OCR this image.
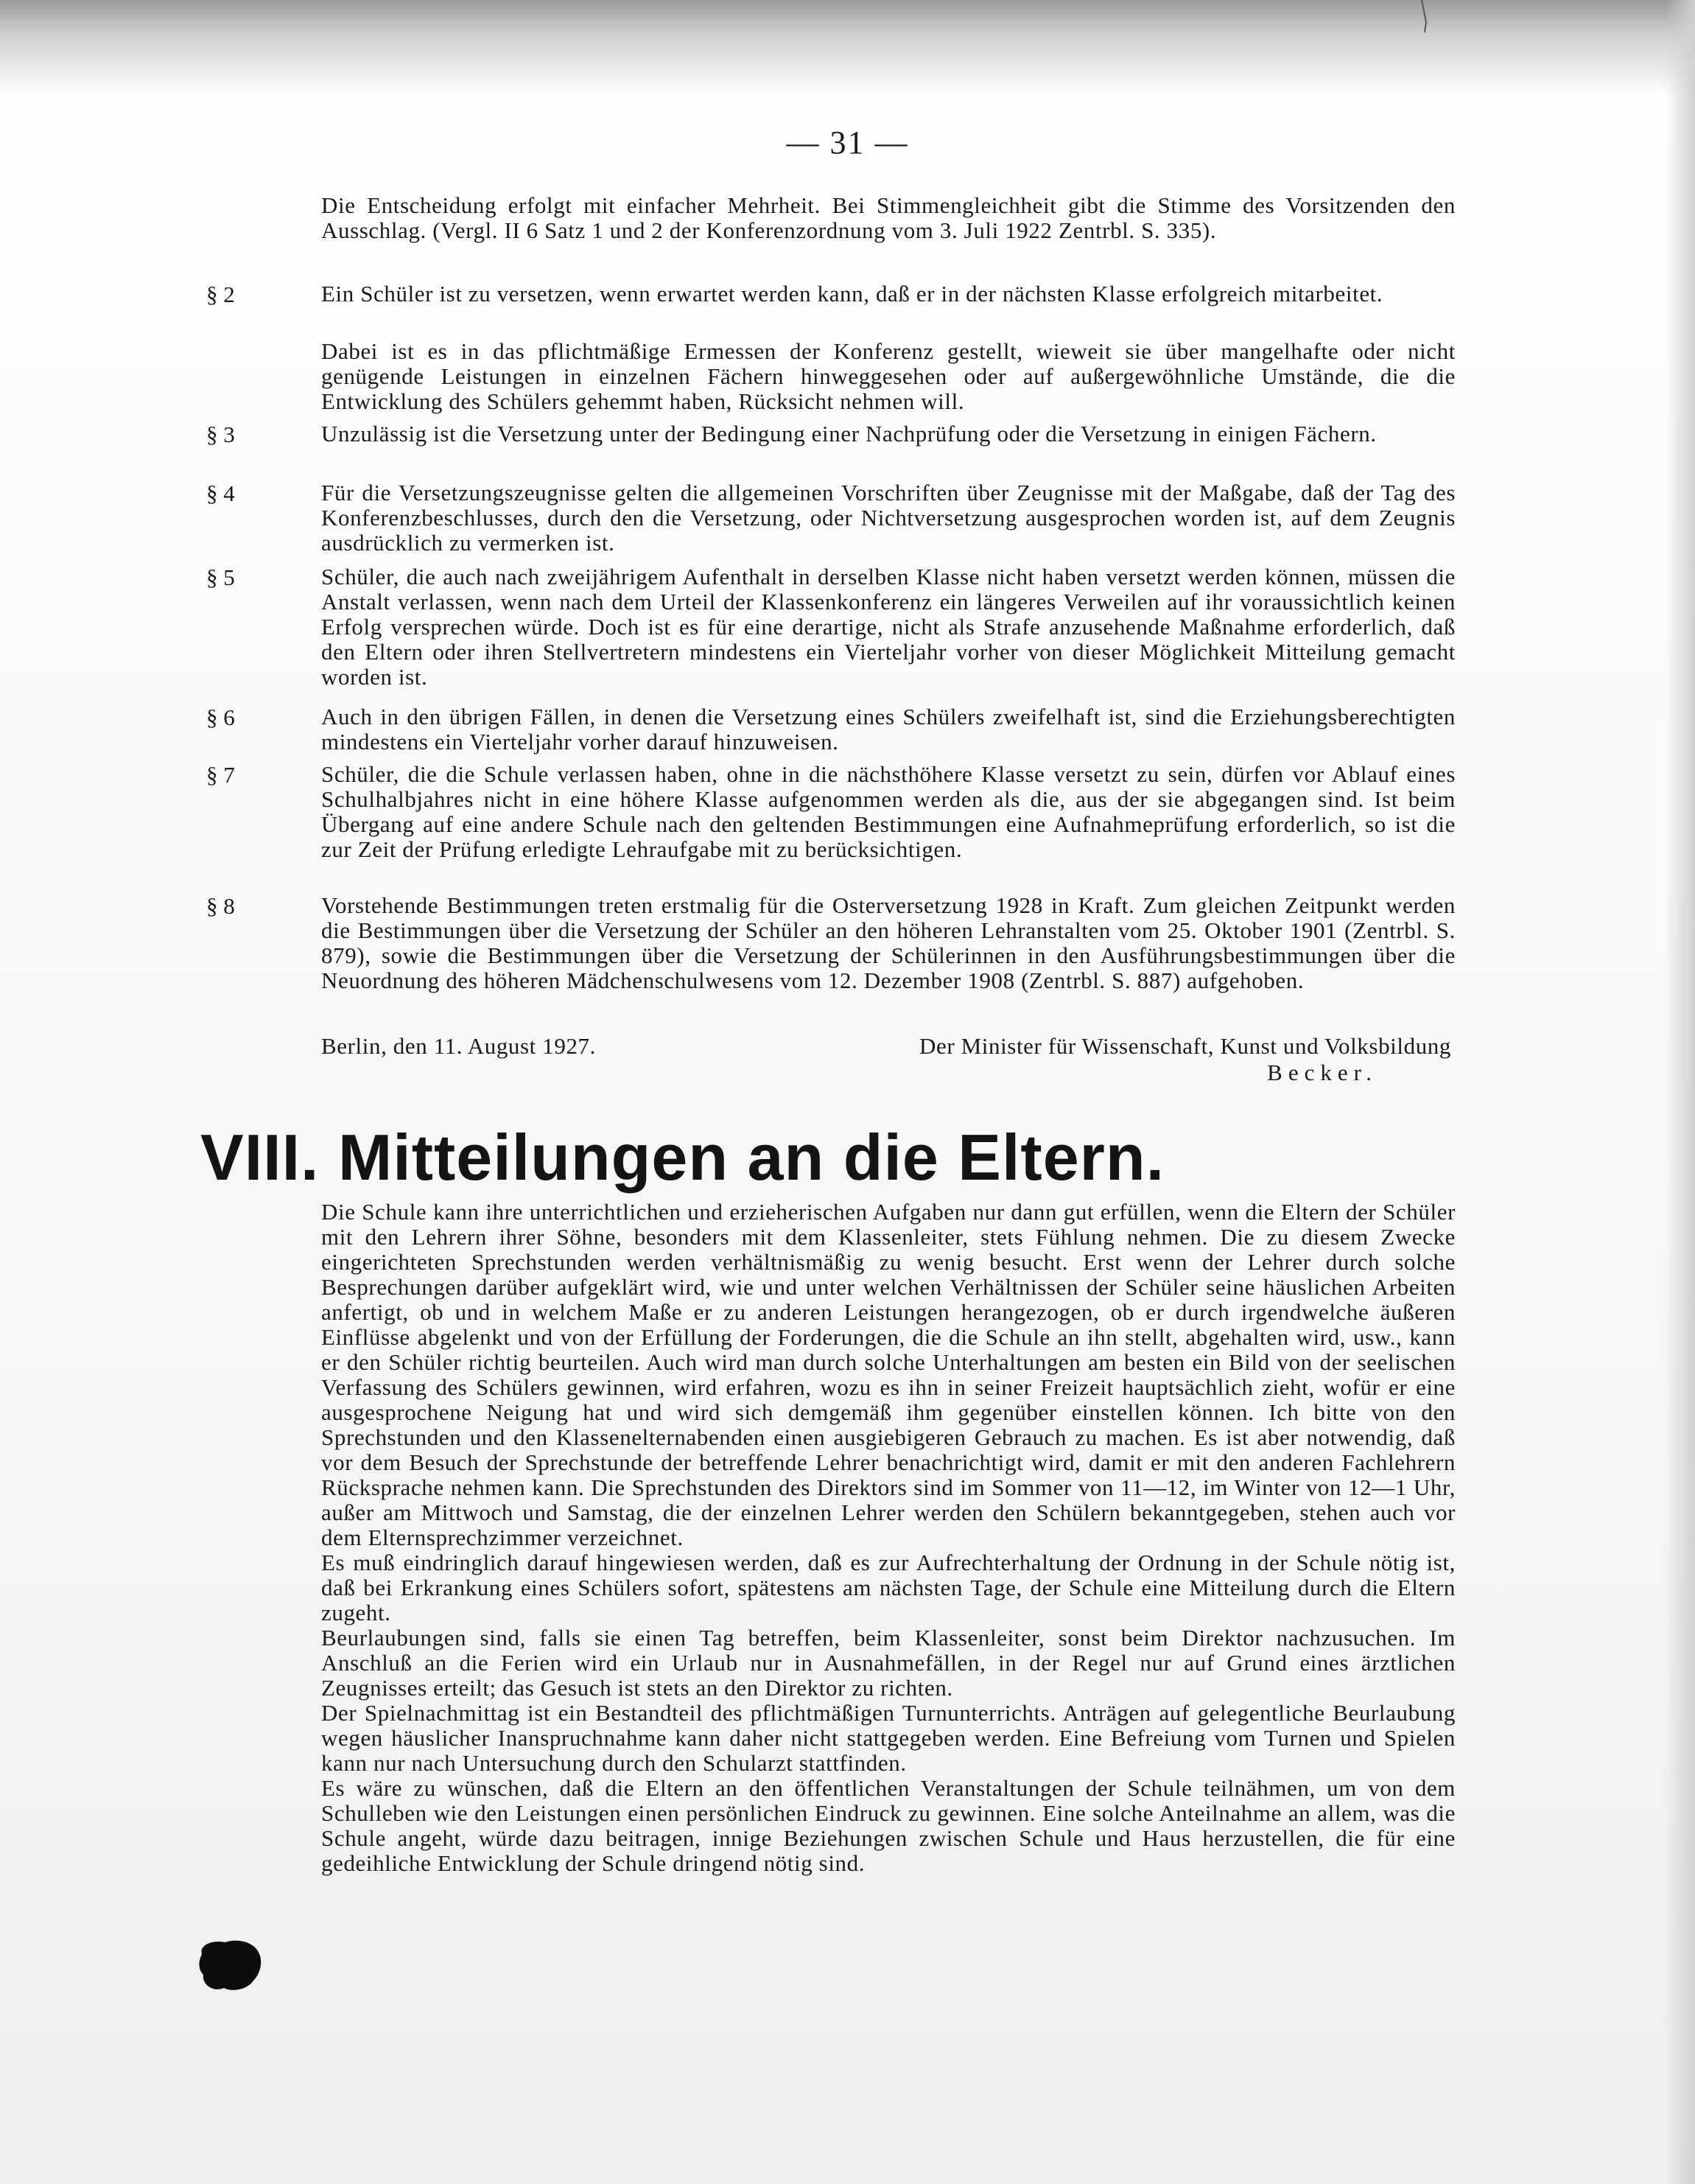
— 31 —
Die Entscheidung erfolgt mit einfacher Mehrheit. Bei Stimmengleichheit gibt die Stimme des Vorsitzenden den Ausschlag. (Vergl. II 6 Satz 1 und 2 der Konferenzordnung vom 3. Juli 1922 Zentrbl. S. 335).
§ 2	Ein Schüler ist zu versetzen, wenn erwartet werden kann, daß er in der nächsten Klasse erfolgreich mitarbeitet.
Dabei ist es in das pflichtmäßige Ermessen der Konferenz gestellt, wieweit sie über mangelhafte oder nicht genügende Leistungen in einzelnen Fächern hinweggesehen oder auf außergewöhnliche Umstände, die die Entwicklung des Schülers gehemmt haben, Rücksicht nehmen will.
§ 3	Unzulässig ist die Versetzung unter der Bedingung einer Nachprüfung oder die Versetzung in einigen Fächern.
§ 4	Für die Versetzungszeugnisse gelten die allgemeinen Vorschriften über Zeugnisse mit der Maßgabe, daß der Tag des Konferenzbeschlusses, durch den die Versetzung, oder Nichtversetzung ausgesprochen worden ist, auf dem Zeugnis ausdrücklich zu vermerken ist.
§ 5	Schüler, die auch nach zweijährigem Aufenthalt in derselben Klasse nicht haben versetzt werden können, müssen die Anstalt verlassen, wenn nach dem Urteil der Klassenkonferenz ein längeres Verweilen auf ihr voraussichtlich keinen Erfolg versprechen würde. Doch ist es für eine derartige, nicht als Strafe anzusehende Maßnahme erforderlich, daß den Eltern oder ihren Stellvertretern mindestens ein Vierteljahr vorher von dieser Möglichkeit Mitteilung gemacht worden ist.
§ 6	Auch in den übrigen Fällen, in denen die Versetzung eines Schülers zweifelhaft ist, sind die Erziehungsberechtigten mindestens ein Vierteljahr vorher darauf hinzuweisen.
§ 7	Schüler, die die Schule verlassen haben, ohne in die nächsthöhere Klasse versetzt zu sein, dürfen vor Ablauf eines Schulhalbjahres nicht in eine höhere Klasse aufgenommen werden als die, aus der sie abgegangen sind. Ist beim Übergang auf eine andere Schule nach den geltenden Bestimmungen eine Aufnahmeprüfung erforderlich, so ist die zur Zeit der Prüfung erledigte Lehraufgabe mit zu berücksichtigen.
§ 8	Vorstehende Bestimmungen treten erstmalig für die Osterversetzung 1928 in Kraft. Zum gleichen Zeitpunkt werden die Bestimmungen über die Versetzung der Schüler an den höheren Lehranstalten vom 25. Oktober 1901 (Zentrbl. S. 879), sowie die Bestimmungen über die Versetzung der Schülerinnen in den Ausführungsbestimmungen über die Neuordnung des höheren Mädchenschulwesens vom 12. Dezember 1908 (Zentrbl. S. 887) aufgehoben.
Berlin, den 11. August 1927.	Der Minister für Wissenschaft, Kunst und Volksbildung
Becker.
VIII. Mitteilungen an die Eltern.

Die Schule kann ihre unterrichtlichen und erzieherischen Aufgaben nur dann gut erfüllen, wenn die Eltern der Schüler mit den Lehrern ihrer Söhne, besonders mit dem Klassenleiter, stets Fühlung nehmen. Die zu diesem Zwecke eingerichteten Sprechstunden werden verhältnismäßig zu wenig besucht. Erst wenn der Lehrer durch solche Besprechungen darüber aufgeklärt wird, wie und unter welchen Verhältnissen der Schüler seine häuslichen Arbeiten anfertigt, ob und in welchem Maße er zu anderen Leistungen herangezogen, ob er durch irgendwelche äußeren Einflüsse abgelenkt und von der Erfüllung der Forderungen, die die Schule an ihn stellt, abgehalten wird, usw., kann er den Schüler richtig beurteilen. Auch wird man durch solche Unterhaltungen am besten ein Bild von der seelischen Verfassung des Schülers gewinnen, wird erfahren, wozu es ihn in seiner Freizeit hauptsächlich zieht, wofür er eine ausgesprochene Neigung hat und wird sich demgemäß ihm gegenüber einstellen können. Ich bitte von den Sprechstunden und den Klassenelternabenden einen ausgiebigeren Gebrauch zu machen. Es ist aber notwendig, daß vor dem Besuch der Sprechstunde der betreffende Lehrer benachrichtigt wird, damit er mit den anderen Fachlehrern Rücksprache nehmen kann. Die Sprechstunden des Direktors sind im Sommer von 11—12, im Winter von 12—1 Uhr, außer am Mittwoch und Samstag, die der einzelnen Lehrer werden den Schülern bekanntgegeben, stehen auch vor dem Elternsprechzimmer verzeichnet.

Es muß eindringlich darauf hingewiesen werden, daß es zur Aufrechterhaltung der Ordnung in der Schule nötig ist, daß bei Erkrankung eines Schülers sofort, spätestens am nächsten Tage, der Schule eine Mitteilung durch die Eltern zugeht.

Beurlaubungen sind, falls sie einen Tag betreffen, beim Klassenleiter, sonst beim Direktor nachzusuchen. Im Anschluß an die Ferien wird ein Urlaub nur in Ausnahmefällen, in der Regel nur auf Grund eines ärztlichen Zeugnisses erteilt; das Gesuch ist stets an den Direktor zu richten.

Der Spielnachmittag ist ein Bestandteil des pflichtmäßigen Turnunterrichts. Anträgen auf gelegentliche Beurlaubung wegen häuslicher Inanspruchnahme kann daher nicht stattgegeben werden. Eine Befreiung vom Turnen und Spielen kann nur nach Untersuchung durch den Schularzt stattfinden.

Es wäre zu wünschen, daß die Eltern an den öffentlichen Veranstaltungen der Schule teilnähmen, um von dem Schulleben wie den Leistungen einen persönlichen Eindruck zu gewinnen. Eine solche Anteilnahme an allem, was die Schule angeht, würde dazu beitragen, innige Beziehungen zwischen Schule und Haus herzustellen, die für eine gedeihliche Entwicklung der Schule dringend nötig sind.
